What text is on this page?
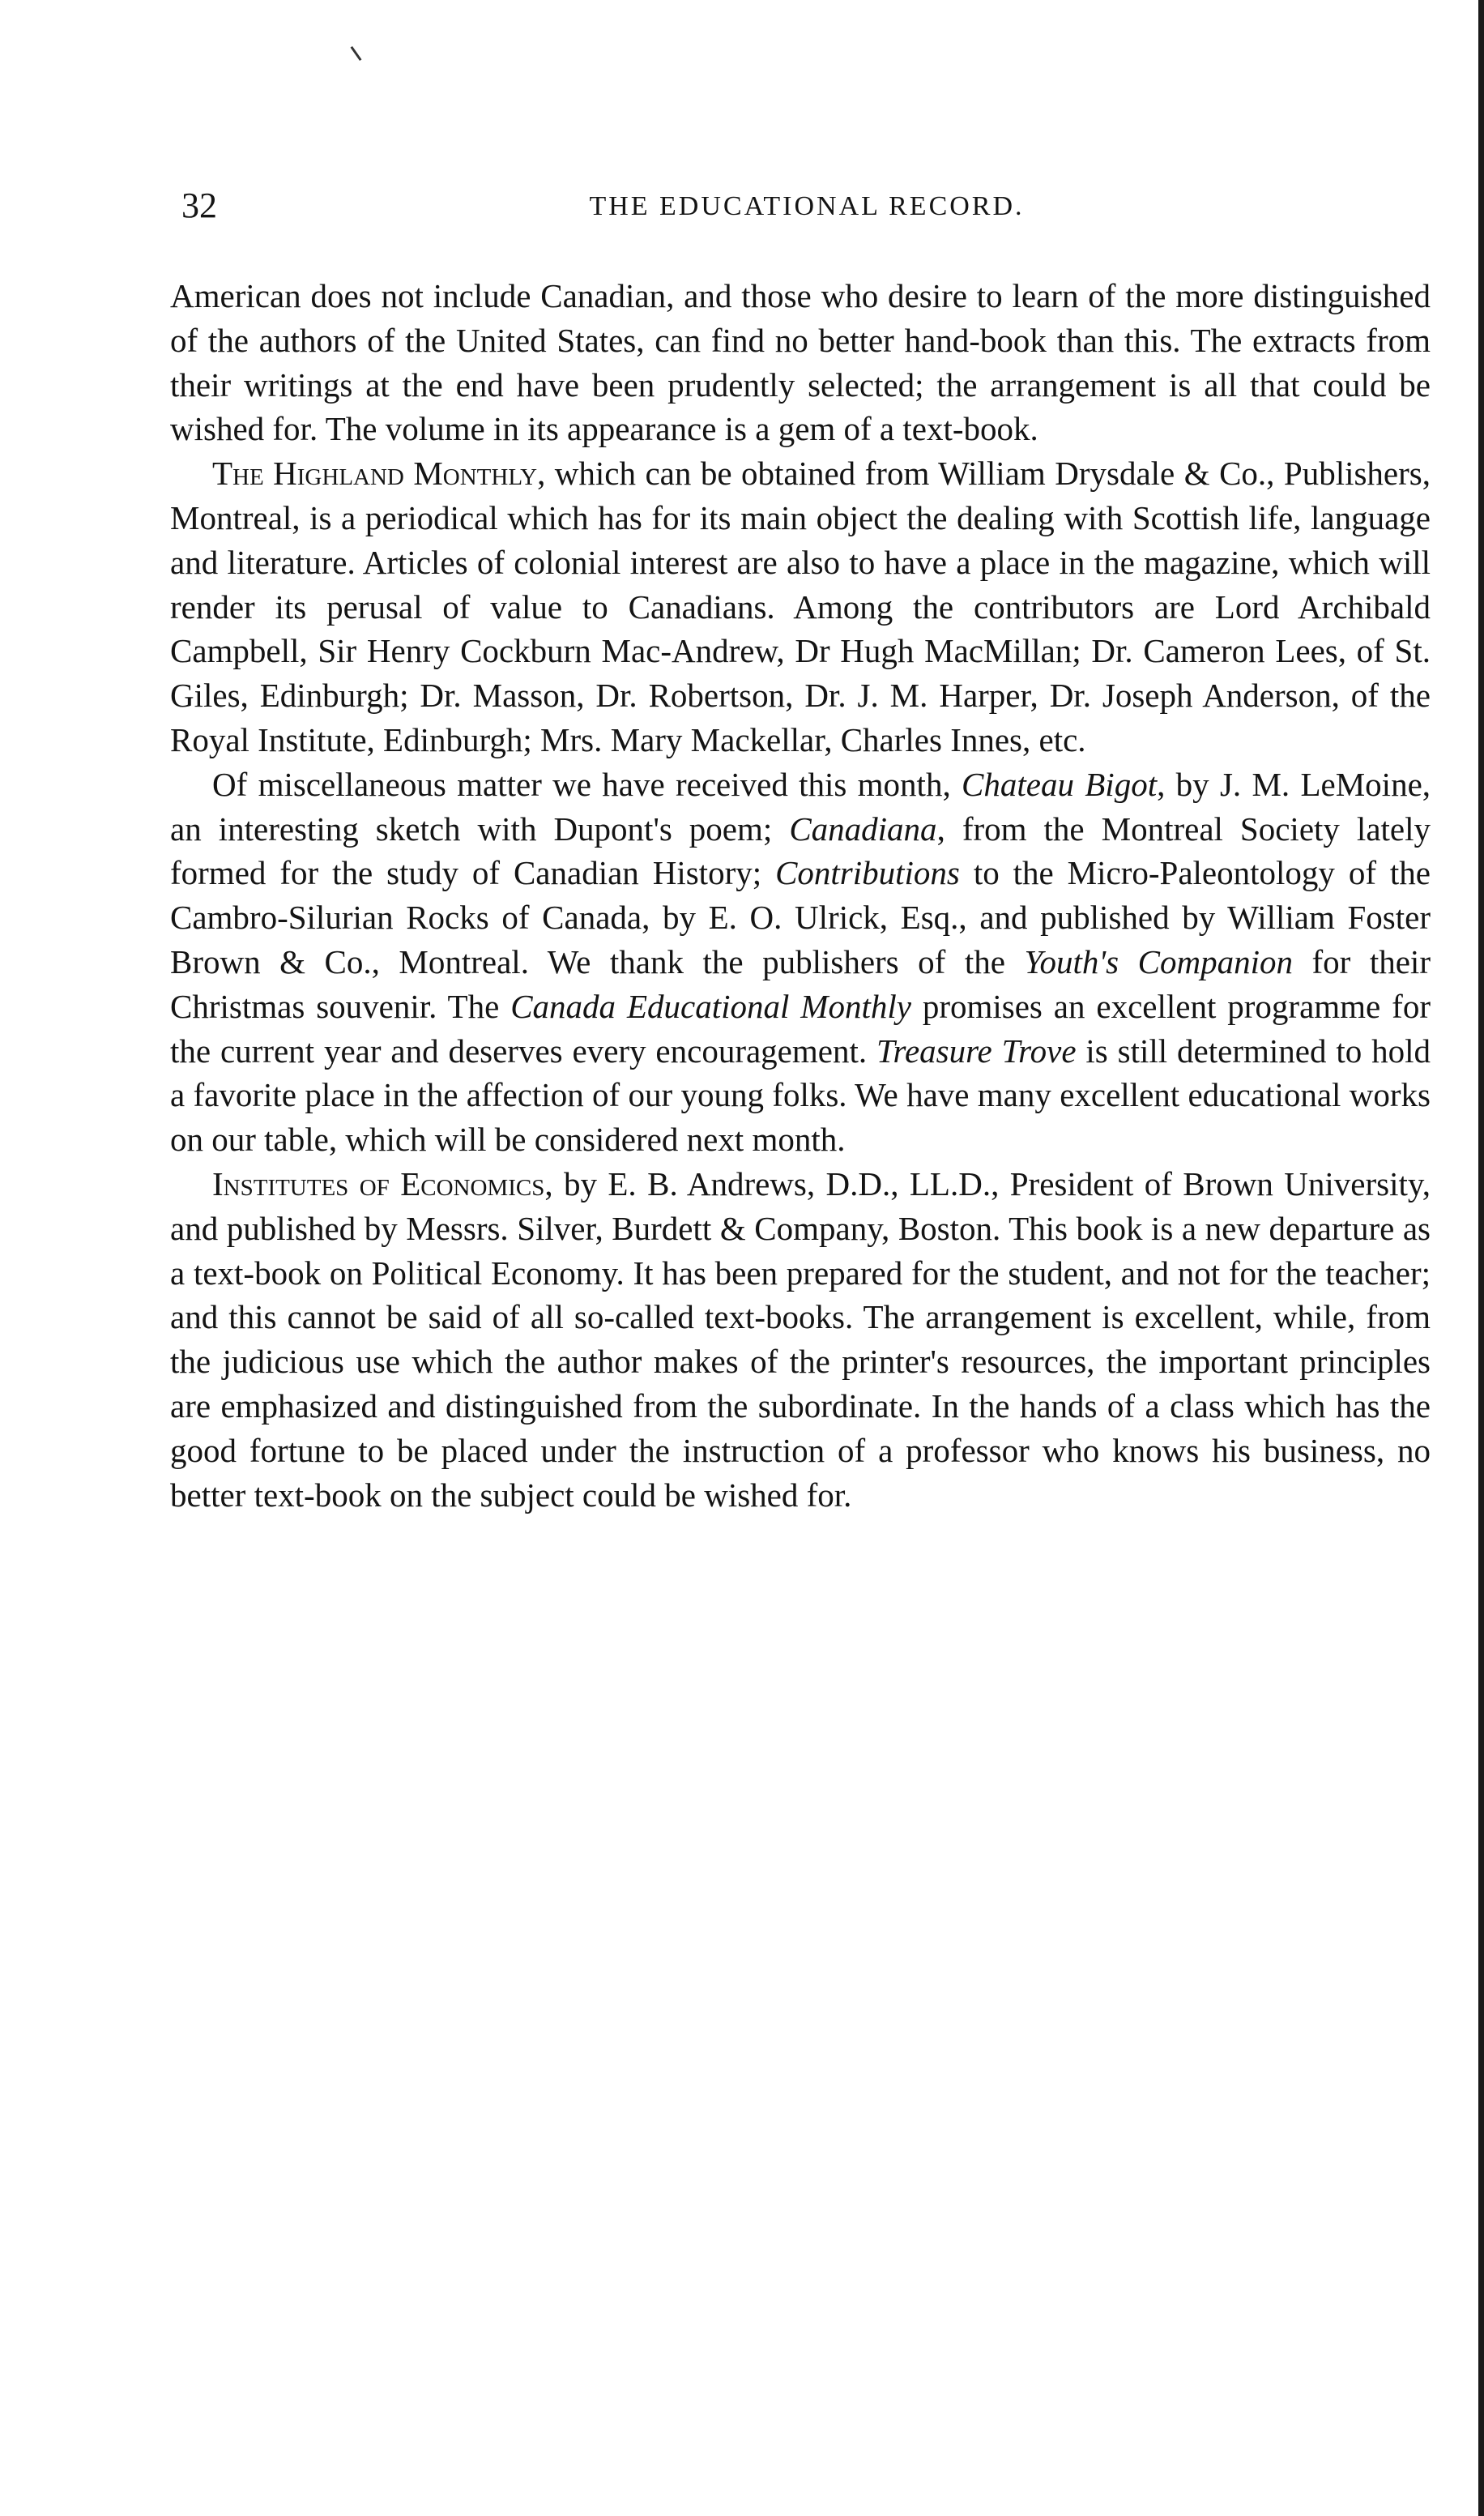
32	THE EDUCATIONAL RECORD.

American does not include Canadian, and those who desire to learn of the more distinguished of the authors of the United States, can find no better hand-book than this. The extracts from their writings at the end have been prudently selected; the arrangement is all that could be wished for. The volume in its appearance is a gem of a text-book.

The Highland Monthly, which can be obtained from William Drysdale & Co., Publishers, Montreal, is a periodical which has for its main object the dealing with Scottish life, language and literature. Articles of colonial interest are also to have a place in the magazine, which will render its perusal of value to Canadians. Among the contributors are Lord Archibald Campbell, Sir Henry Cockburn Mac-Andrew, Dr Hugh MacMillan; Dr. Cameron Lees, of St. Giles, Edinburgh; Dr. Masson, Dr. Robertson, Dr. J. M. Harper, Dr. Joseph Anderson, of the Royal Institute, Edinburgh; Mrs. Mary Mackellar, Charles Innes, etc.

Of miscellaneous matter we have received this month, Chateau Bigot, by J. M. LeMoine, an interesting sketch with Dupont's poem; Canadiana, from the Montreal Society lately formed for the study of Canadian History; Contributions to the Micro-Paleontology of the Cambro-Silurian Rocks of Canada, by E. O. Ulrick, Esq., and published by William Foster Brown & Co., Montreal. We thank the publishers of the Youth's Companion for their Christmas souvenir. The Canada Educational Monthly promises an excellent programme for the current year and deserves every encouragement. Treasure Trove is still determined to hold a favorite place in the affection of our young folks. We have many excellent educational works on our table, which will be considered next month.

Institutes of Economics, by E. B. Andrews, D.D., LL.D., President of Brown University, and published by Messrs. Silver, Burdett & Company, Boston. This book is a new departure as a text-book on Political Economy. It has been prepared for the student, and not for the teacher; and this cannot be said of all so-called text-books. The arrangement is excellent, while, from the judicious use which the author makes of the printer's resources, the important principles are emphasized and distinguished from the subordinate. In the hands of a class which has the good fortune to be placed under the instruction of a professor who knows his business, no better text-book on the subject could be wished for.
